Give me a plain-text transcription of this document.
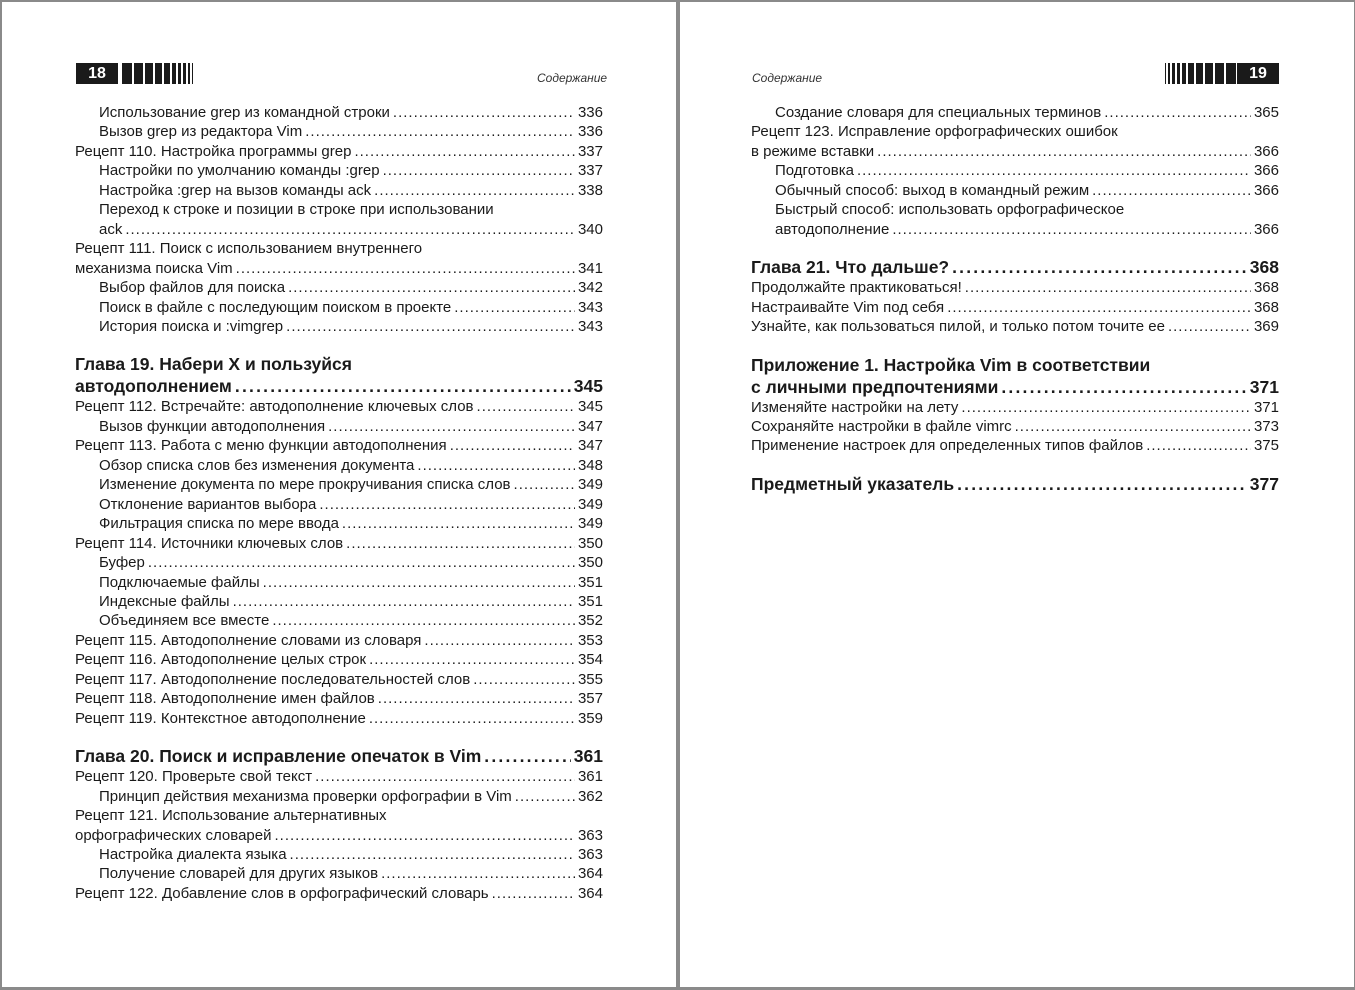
18	Содержание
Использование grep из командной строки .....	336
Вызов grep из редактора Vim .....	336
Рецепт 110. Настройка программы grep .....	337
Настройки по умолчанию команды :grep .....	337
Настройка :grep на вызов команды ack .....	338
Переход к строке и позиции в строке при использовании
ack .....	340
Рецепт 111. Поиск с использованием внутреннего
механизма поиска Vim .....	341
Выбор файлов для поиска .....	342
Поиск в файле с последующим поиском в проекте .....	343
История поиска и :vimgrep .....	343
Глава 19. Набери X и пользуйся
автодополнением .....	345
Рецепт 112. Встречайте: автодополнение ключевых слов .....	345
Вызов функции автодополнения .....	347
Рецепт 113. Работа с меню функции автодополнения .....	347
Обзор списка слов без изменения документа .....	348
Изменение документа по мере прокручивания списка слов .....	349
Отклонение вариантов выбора .....	349
Фильтрация списка по мере ввода .....	349
Рецепт 114. Источники ключевых слов .....	350
Буфер .....	350
Подключаемые файлы .....	351
Индексные файлы .....	351
Объединяем все вместе .....	352
Рецепт 115. Автодополнение словами из словаря .....	353
Рецепт 116. Автодополнение целых строк .....	354
Рецепт 117. Автодополнение последовательностей слов .....	355
Рецепт 118. Автодополнение имен файлов .....	357
Рецепт 119. Контекстное автодополнение .....	359
Глава 20. Поиск и исправление опечаток в Vim .....	361
Рецепт 120. Проверьте свой текст .....	361
Принцип действия механизма проверки орфографии в Vim .....	362
Рецепт 121. Использование альтернативных
орфографических словарей .....	363
Настройка диалекта языка .....	363
Получение словарей для других языков .....	364
Рецепт 122. Добавление слов в орфографический словарь .....	364
Содержание	19
Создание словаря для специальных терминов .....	365
Рецепт 123. Исправление орфографических ошибок
в режиме вставки .....	366
Подготовка .....	366
Обычный способ: выход в командный режим .....	366
Быстрый способ: использовать орфографическое
автодополнение .....	366
Глава 21. Что дальше? .....	368
Продолжайте практиковаться! .....	368
Настраивайте Vim под себя .....	368
Узнайте, как пользоваться пилой, и только потом точите ее .....	369
Приложение 1. Настройка Vim в соответствии
с личными предпочтениями .....	371
Изменяйте настройки на лету .....	371
Сохраняйте настройки в файле vimrc .....	373
Применение настроек для определенных типов файлов .....	375
Предметный указатель .....	377
